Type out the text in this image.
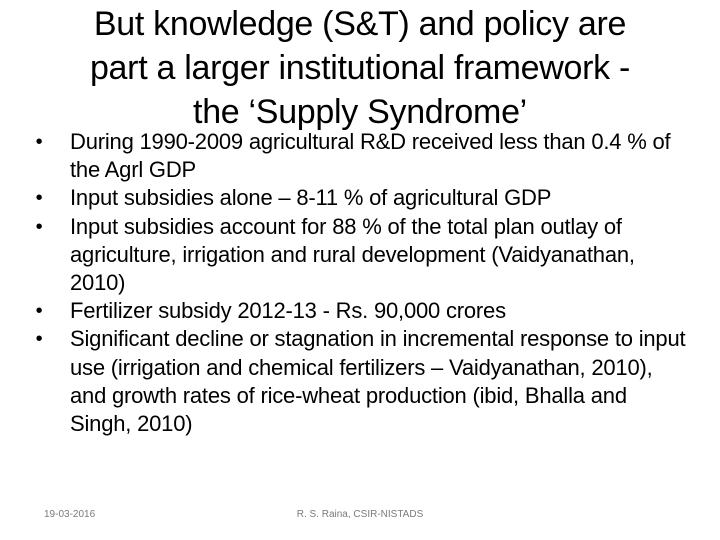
But knowledge (S&T) and policy are
part a larger institutional framework -
the ‘Supply Syndrome’
• During 1990-2009 agricultural R&D received less than 0.4 % of the Agrl GDP
• Input subsidies alone – 8-11 % of agricultural GDP
• Input subsidies account for 88 % of the total plan outlay of agriculture, irrigation and rural development (Vaidyanathan, 2010)
• Fertilizer subsidy 2012-13 - Rs. 90,000 crores
• Significant decline or stagnation in incremental response to input use (irrigation and chemical fertilizers – Vaidyanathan, 2010), and growth rates of rice-wheat production (ibid, Bhalla and Singh, 2010)
19-03-2016	R. S. Raina, CSIR-NISTADS
